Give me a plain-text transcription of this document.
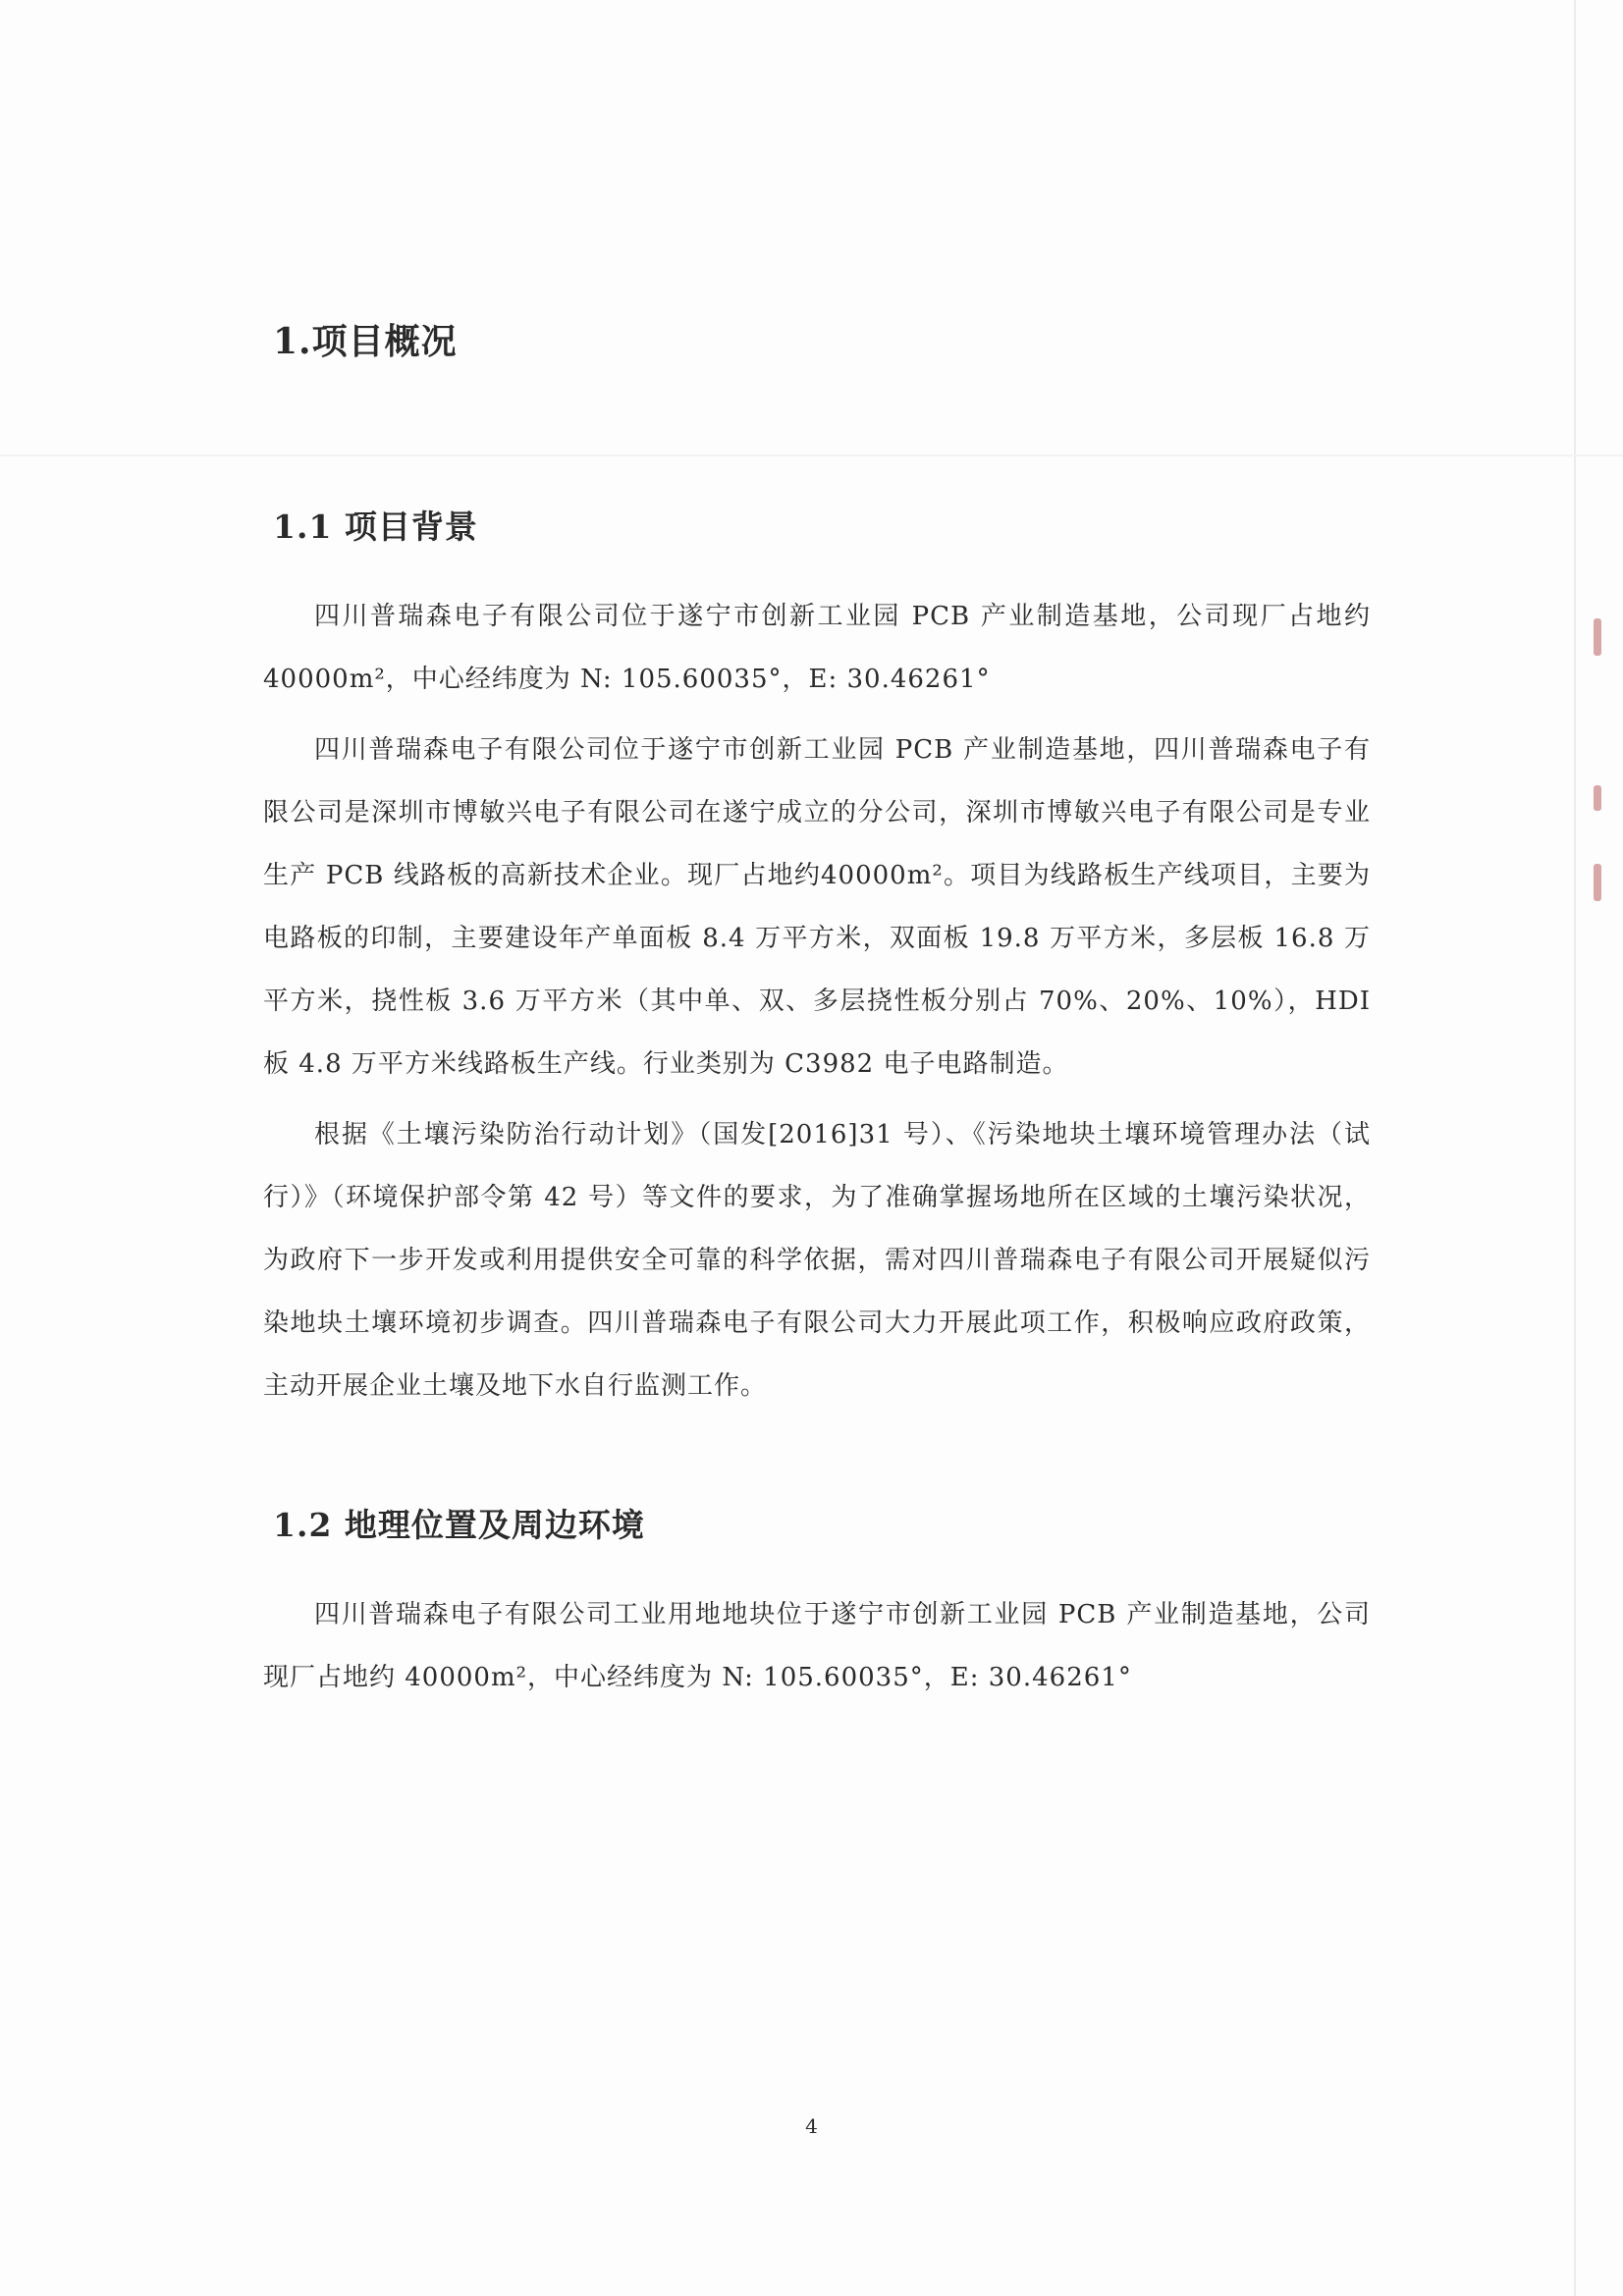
1.项目概况
1.1 项目背景

四川普瑞森电子有限公司位于遂宁市创新工业园 PCB 产业制造基地，公司现厂占地约 40000m²，中心经纬度为 N: 105.60035°，E: 30.46261°

四川普瑞森电子有限公司位于遂宁市创新工业园 PCB 产业制造基地，四川普瑞森电子有限公司是深圳市博敏兴电子有限公司在遂宁成立的分公司，深圳市博敏兴电子有限公司是专业生产 PCB 线路板的高新技术企业。现厂占地约40000m²。项目为线路板生产线项目，主要为电路板的印制，主要建设年产单面板 8.4 万平方米，双面板 19.8 万平方米，多层板 16.8 万平方米，挠性板 3.6 万平方米（其中单、双、多层挠性板分别占 70%、20%、10%），HDI 板 4.8 万平方米线路板生产线。行业类别为 C3982 电子电路制造。

根据《土壤污染防治行动计划》（国发[2016]31 号）、《污染地块土壤环境管理办法（试行）》（环境保护部令第 42 号）等文件的要求，为了准确掌握场地所在区域的土壤污染状况，为政府下一步开发或利用提供安全可靠的科学依据，需对四川普瑞森电子有限公司开展疑似污染地块土壤环境初步调查。四川普瑞森电子有限公司大力开展此项工作，积极响应政府政策，主动开展企业土壤及地下水自行监测工作。

1.2 地理位置及周边环境

四川普瑞森电子有限公司工业用地地块位于遂宁市创新工业园 PCB 产业制造基地，公司现厂占地约 40000m²，中心经纬度为 N: 105.60035°，E: 30.46261°

4
